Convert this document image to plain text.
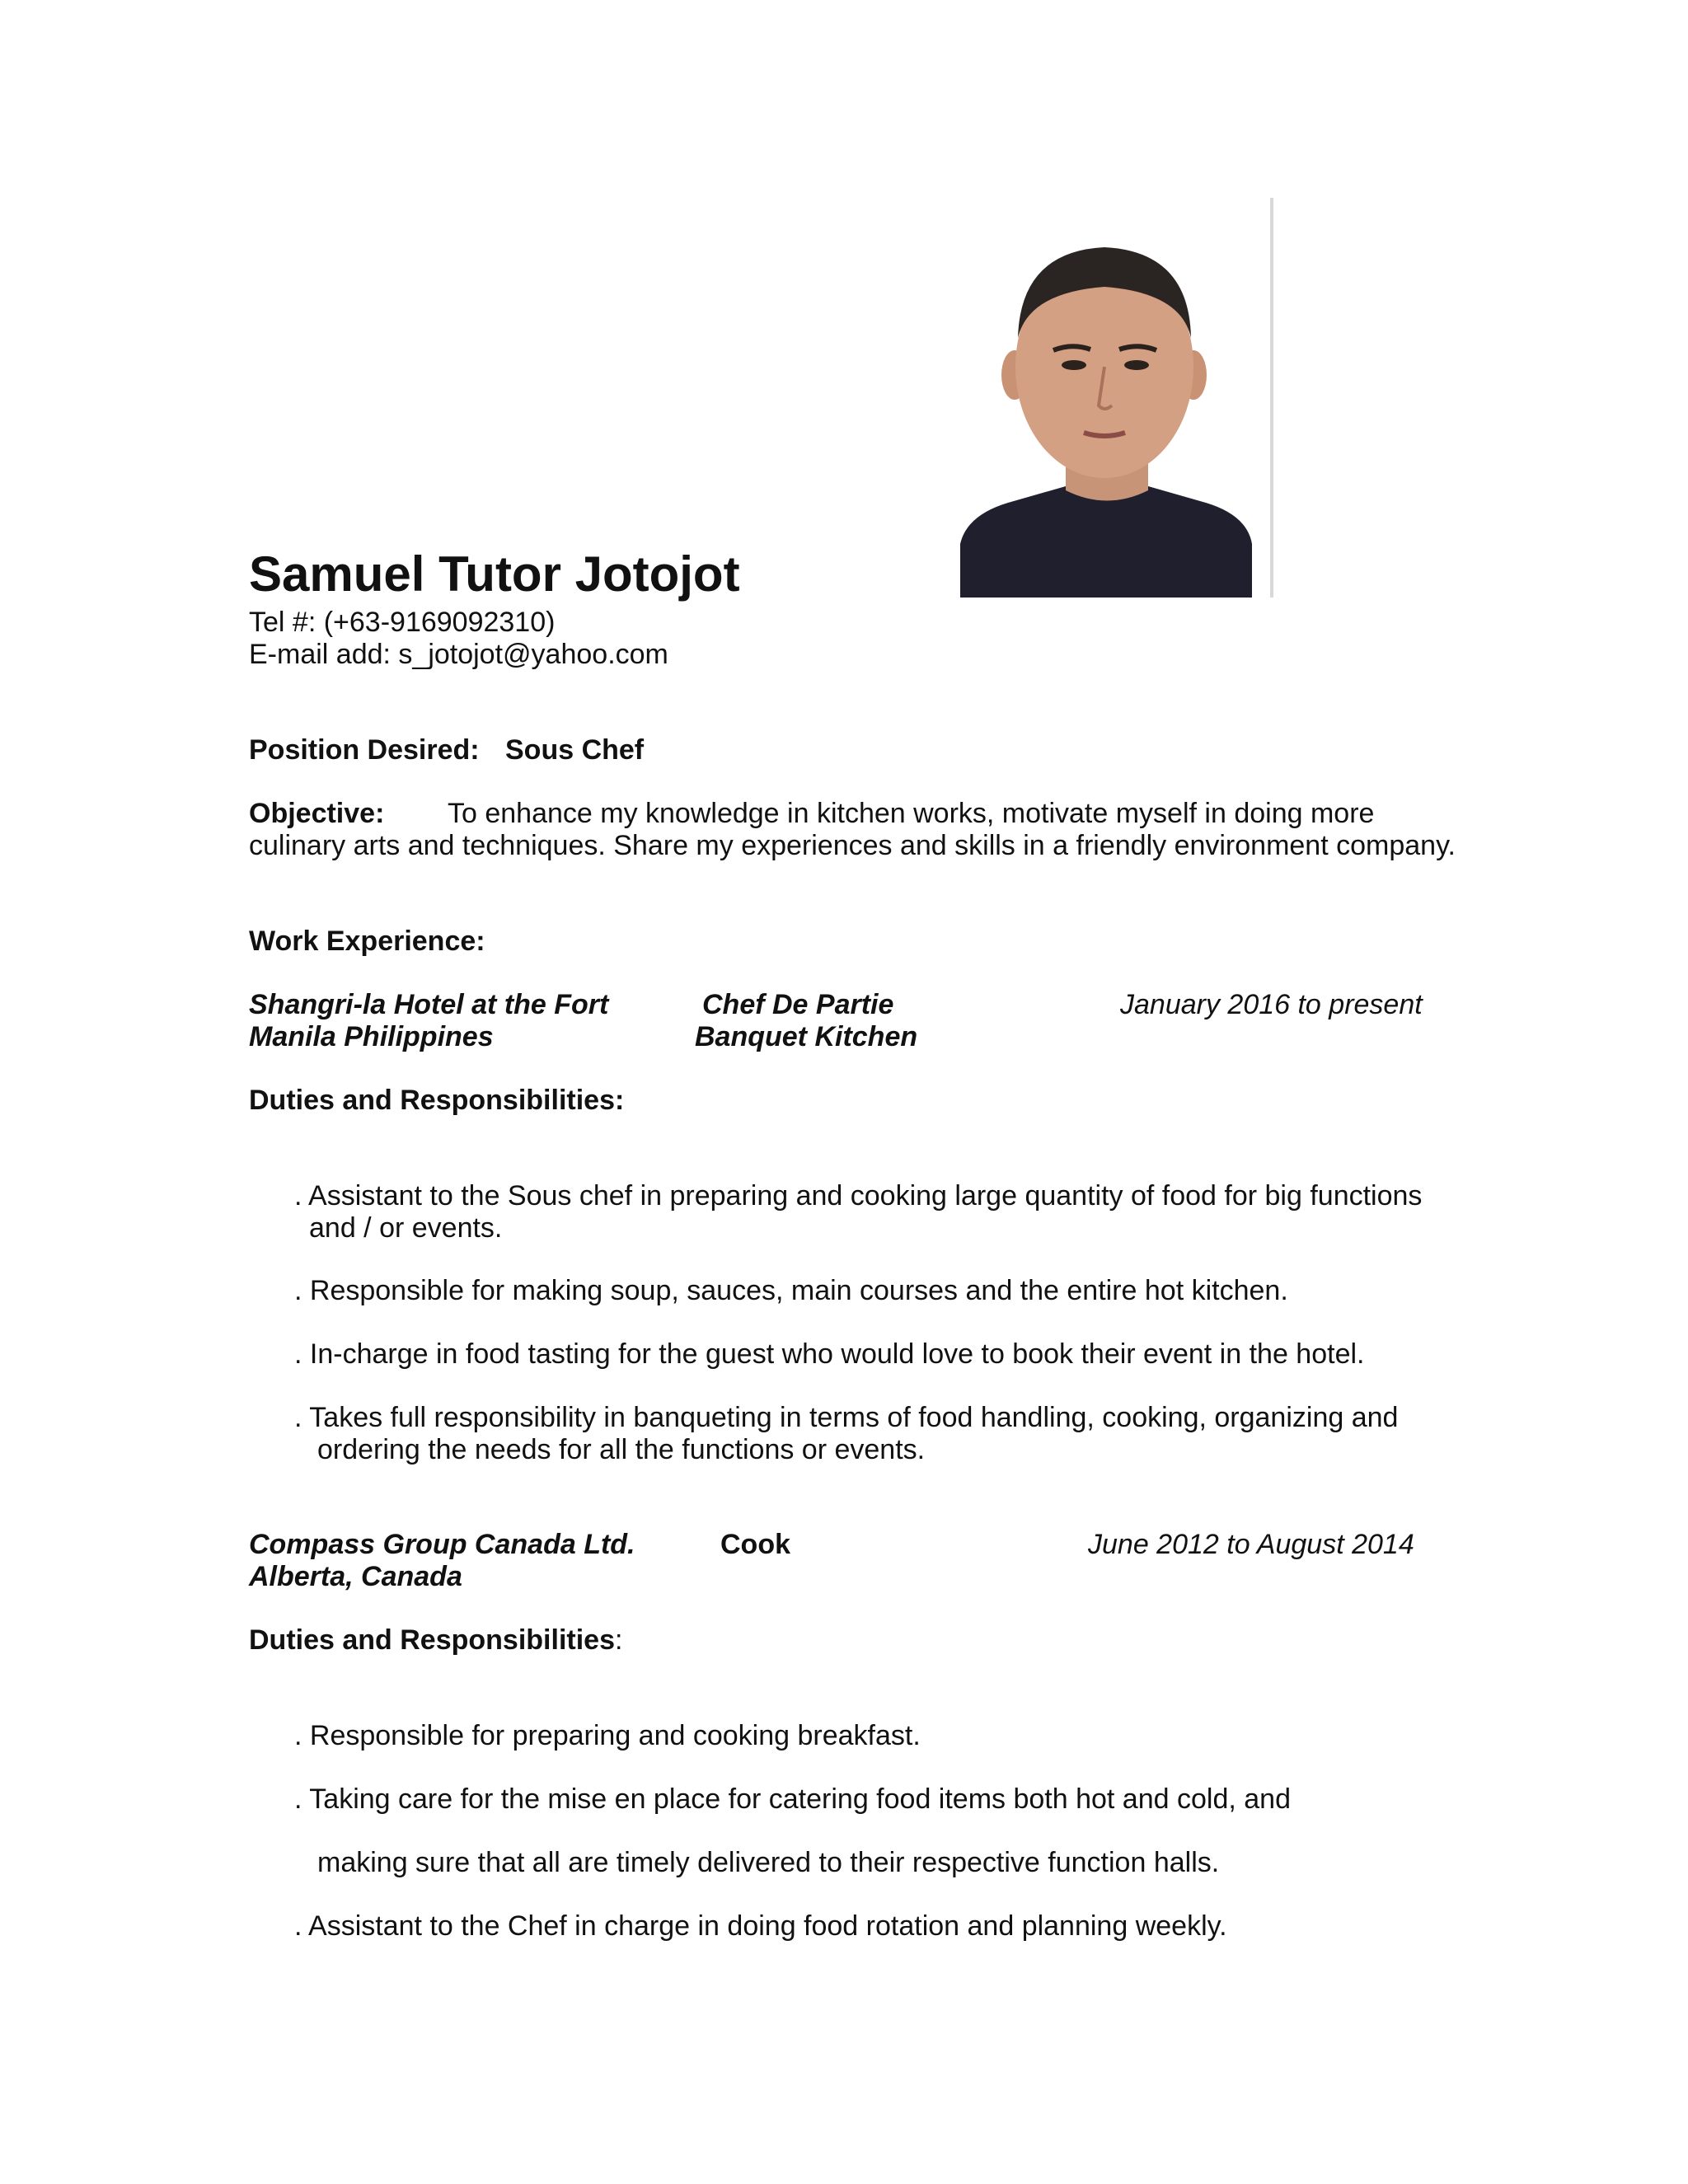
Samuel Tutor Jotojot
Tel #: (+63-9169092310)
E-mail add: s_jotojot@yahoo.com
Position Desired: Sous Chef
Objective: To enhance my knowledge in kitchen works, motivate myself in doing more
culinary arts and techniques. Share my experiences and skills in a friendly environment company.
Work Experience:
Shangri-la Hotel at the Fort
Manila Philippines
Chef De Partie
Banquet Kitchen
January 2016 to present
Duties and Responsibilities:
. Assistant to the Sous chef in preparing and cooking large quantity of food for big functions
and / or events.
. Responsible for making soup, sauces, main courses and the entire hot kitchen.
. In-charge in food tasting for the guest who would love to book their event in the hotel.
. Takes full responsibility in banqueting in terms of food handling, cooking, organizing and
ordering the needs for all the functions or events.
Compass Group Canada Ltd.
Alberta, Canada
Cook	June 2012 to August 2014
Duties and Responsibilities:
. Responsible for preparing and cooking breakfast.
. Taking care for the mise en place for catering food items both hot and cold, and
making sure that all are timely delivered to their respective function halls.
. Assistant to the Chef in charge in doing food rotation and planning weekly.
